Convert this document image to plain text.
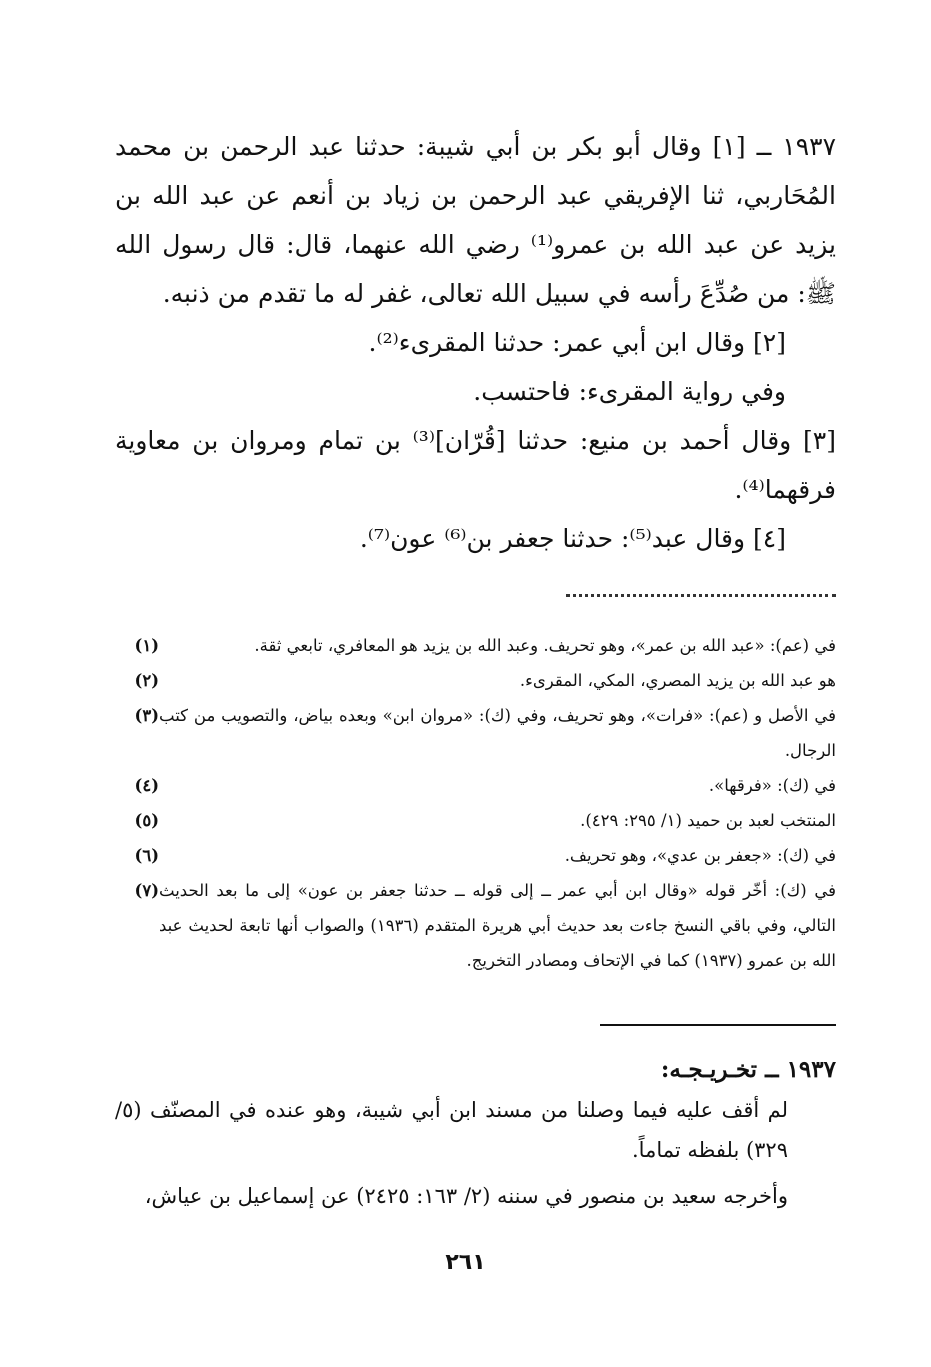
١٩٣٧ ــ [١] وقال أبو بكر بن أبي شيبة: حدثنا عبد الرحمن بن محمد المُحَاربي، ثنا الإفريقي عبد الرحمن بن زياد بن أنعم عن عبد الله بن يزيد عن عبد الله بن عمرو⁽¹⁾ رضي الله عنهما، قال: قال رسول الله ﷺ: من صُدِّعَ رأسه في سبيل الله تعالى، غفر له ما تقدم من ذنبه.

[٢] وقال ابن أبي عمر: حدثنا المقرىء⁽²⁾.

وفي رواية المقرىء: فاحتسب.

[٣] وقال أحمد بن منيع: حدثنا [قُرّان]⁽³⁾ بن تمام ومروان بن معاوية فرقهما⁽⁴⁾.

[٤] وقال عبد⁽⁵⁾: حدثنا جعفر بن⁽⁶⁾ عون⁽⁷⁾.

(١)	في (عم): «عبد الله بن عمر»، وهو تحريف. وعبد الله بن يزيد هو المعافري، تابعي ثقة.
(٢)	هو عبد الله بن يزيد المصري، المكي، المقرىء.
(٣) في الأصل و (عم): «فرات»، وهو تحريف، وفي (ك): «مروان ابن» وبعده بياض، والتصويب من كتب الرجال.
(٤)	في (ك): «فرقها».
(٥)	المنتخب لعبد بن حميد (١/ ٢٩٥: ٤٢٩).
(٦)	في (ك): «جعفر بن عدي»، وهو تحريف.
(٧) في (ك): أخّر قوله «وقال ابن أبي عمر ــ إلى قوله ــ حدثنا جعفر بن عون» إلى ما بعد الحديث التالي، وفي باقي النسخ جاءت بعد حديث أبي هريرة المتقدم (١٩٣٦) والصواب أنها تابعة لحديث عبد الله بن عمرو (١٩٣٧) كما في الإتحاف ومصادر التخريج.
١٩٣٧ ــ تخـريـجـه:

لم أقف عليه فيما وصلنا من مسند ابن أبي شيبة، وهو عنده في المصنّف (٥/ ٣٢٩) بلفظه تماماً.

وأخرجه سعيد بن منصور في سننه (٢/ ١٦٣: ٢٤٢٥) عن إسماعيل بن عياش،

٢٦١
